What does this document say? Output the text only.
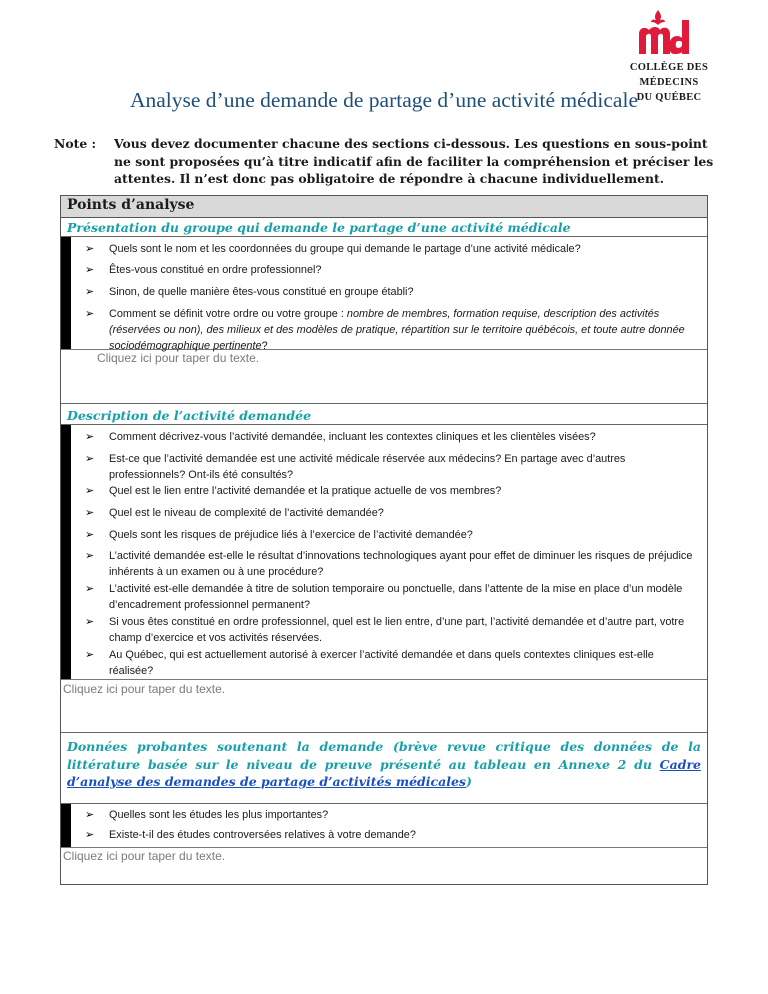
COLLÈGE DES MÉDECINS
DU QUÉBEC
Analyse d’une demande de partage d’une activité médicale
Note : Vous devez documenter chacune des sections ci-dessous. Les questions en sous-point ne sont proposées qu’à titre indicatif afin de faciliter la compréhension et préciser les attentes. Il n’est donc pas obligatoire de répondre à chacune individuellement.
Points d’analyse
Présentation du groupe qui demande le partage d’une activité médicale
➢ Quels sont le nom et les coordonnées du groupe qui demande le partage d’une activité médicale?
➢ Êtes-vous constitué en ordre professionnel?
➢ Sinon, de quelle manière êtes-vous constitué en groupe établi?
➢ Comment se définit votre ordre ou votre groupe : nombre de membres, formation requise, description des activités (réservées ou non), des milieux et des modèles de pratique, répartition sur le territoire québécois, et toute autre donnée sociodémographique pertinente?
Cliquez ici pour taper du texte.
Description de l’activité demandée
➢ Comment décrivez-vous l’activité demandée, incluant les contextes cliniques et les clientèles visées?
➢ Est-ce que l’activité demandée est une activité médicale réservée aux médecins? En partage avec d’autres professionnels? Ont-ils été consultés?
➢ Quel est le lien entre l’activité demandée et la pratique actuelle de vos membres?
➢ Quel est le niveau de complexité de l’activité demandée?
➢ Quels sont les risques de préjudice liés à l’exercice de l’activité demandée?
➢ L’activité demandée est-elle le résultat d’innovations technologiques ayant pour effet de diminuer les risques de préjudice inhérents à un examen ou à une procédure?
➢ L’activité est-elle demandée à titre de solution temporaire ou ponctuelle, dans l’attente de la mise en place d’un modèle d’encadrement professionnel permanent?
➢ Si vous êtes constitué en ordre professionnel, quel est le lien entre, d’une part, l’activité demandée et d’autre part, votre champ d’exercice et vos activités réservées.
➢ Au Québec, qui est actuellement autorisé à exercer l’activité demandée et dans quels contextes cliniques est-elle réalisée?
Cliquez ici pour taper du texte.
Données probantes soutenant la demande (brève revue critique des données de la littérature basée sur le niveau de preuve présenté au tableau en Annexe 2 du Cadre d’analyse des demandes de partage d’activités médicales)
➢ Quelles sont les études les plus importantes?
➢ Existe-t-il des études controversées relatives à votre demande?
Cliquez ici pour taper du texte.
